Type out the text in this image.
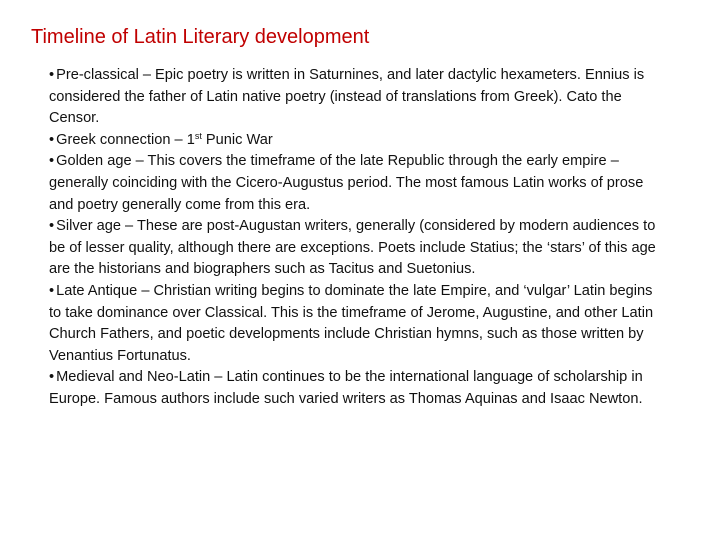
Timeline of Latin Literary development
• Pre-classical – Epic poetry is written in Saturnines, and later dactylic hexameters. Ennius is considered the father of Latin native poetry (instead of translations from Greek). Cato the Censor.
• Greek connection – 1st Punic War
• Golden age – This covers the timeframe of the late Republic through the early empire – generally coinciding with the Cicero-Augustus period. The most famous Latin works of prose and poetry generally come from this era.
• Silver age – These are post-Augustan writers, generally (considered by modern audiences to be of lesser quality, although there are exceptions. Poets include Statius; the ‘stars’ of this age are the historians and biographers such as Tacitus and Suetonius.
• Late Antique – Christian writing begins to dominate the late Empire, and ‘vulgar’ Latin begins to take dominance over Classical. This is the timeframe of Jerome, Augustine, and other Latin Church Fathers, and poetic developments include Christian hymns, such as those written by Venantius Fortunatus.
• Medieval and Neo-Latin – Latin continues to be the international language of scholarship in Europe. Famous authors include such varied writers as Thomas Aquinas and Isaac Newton.
